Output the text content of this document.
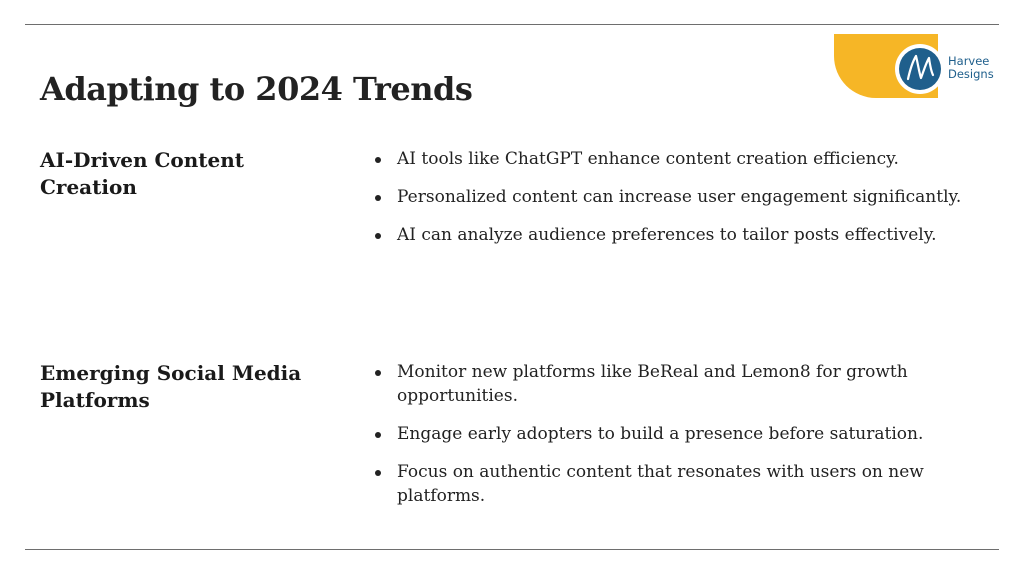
Harvee
Designs
Adapting to 2024 Trends
AI-Driven Content Creation
AI tools like ChatGPT enhance content creation efficiency.
Personalized content can increase user engagement significantly.
AI can analyze audience preferences to tailor posts effectively.
Emerging Social Media Platforms
Monitor new platforms like BeReal and Lemon8 for growth opportunities.
Engage early adopters to build a presence before saturation.
Focus on authentic content that resonates with users on new platforms.
